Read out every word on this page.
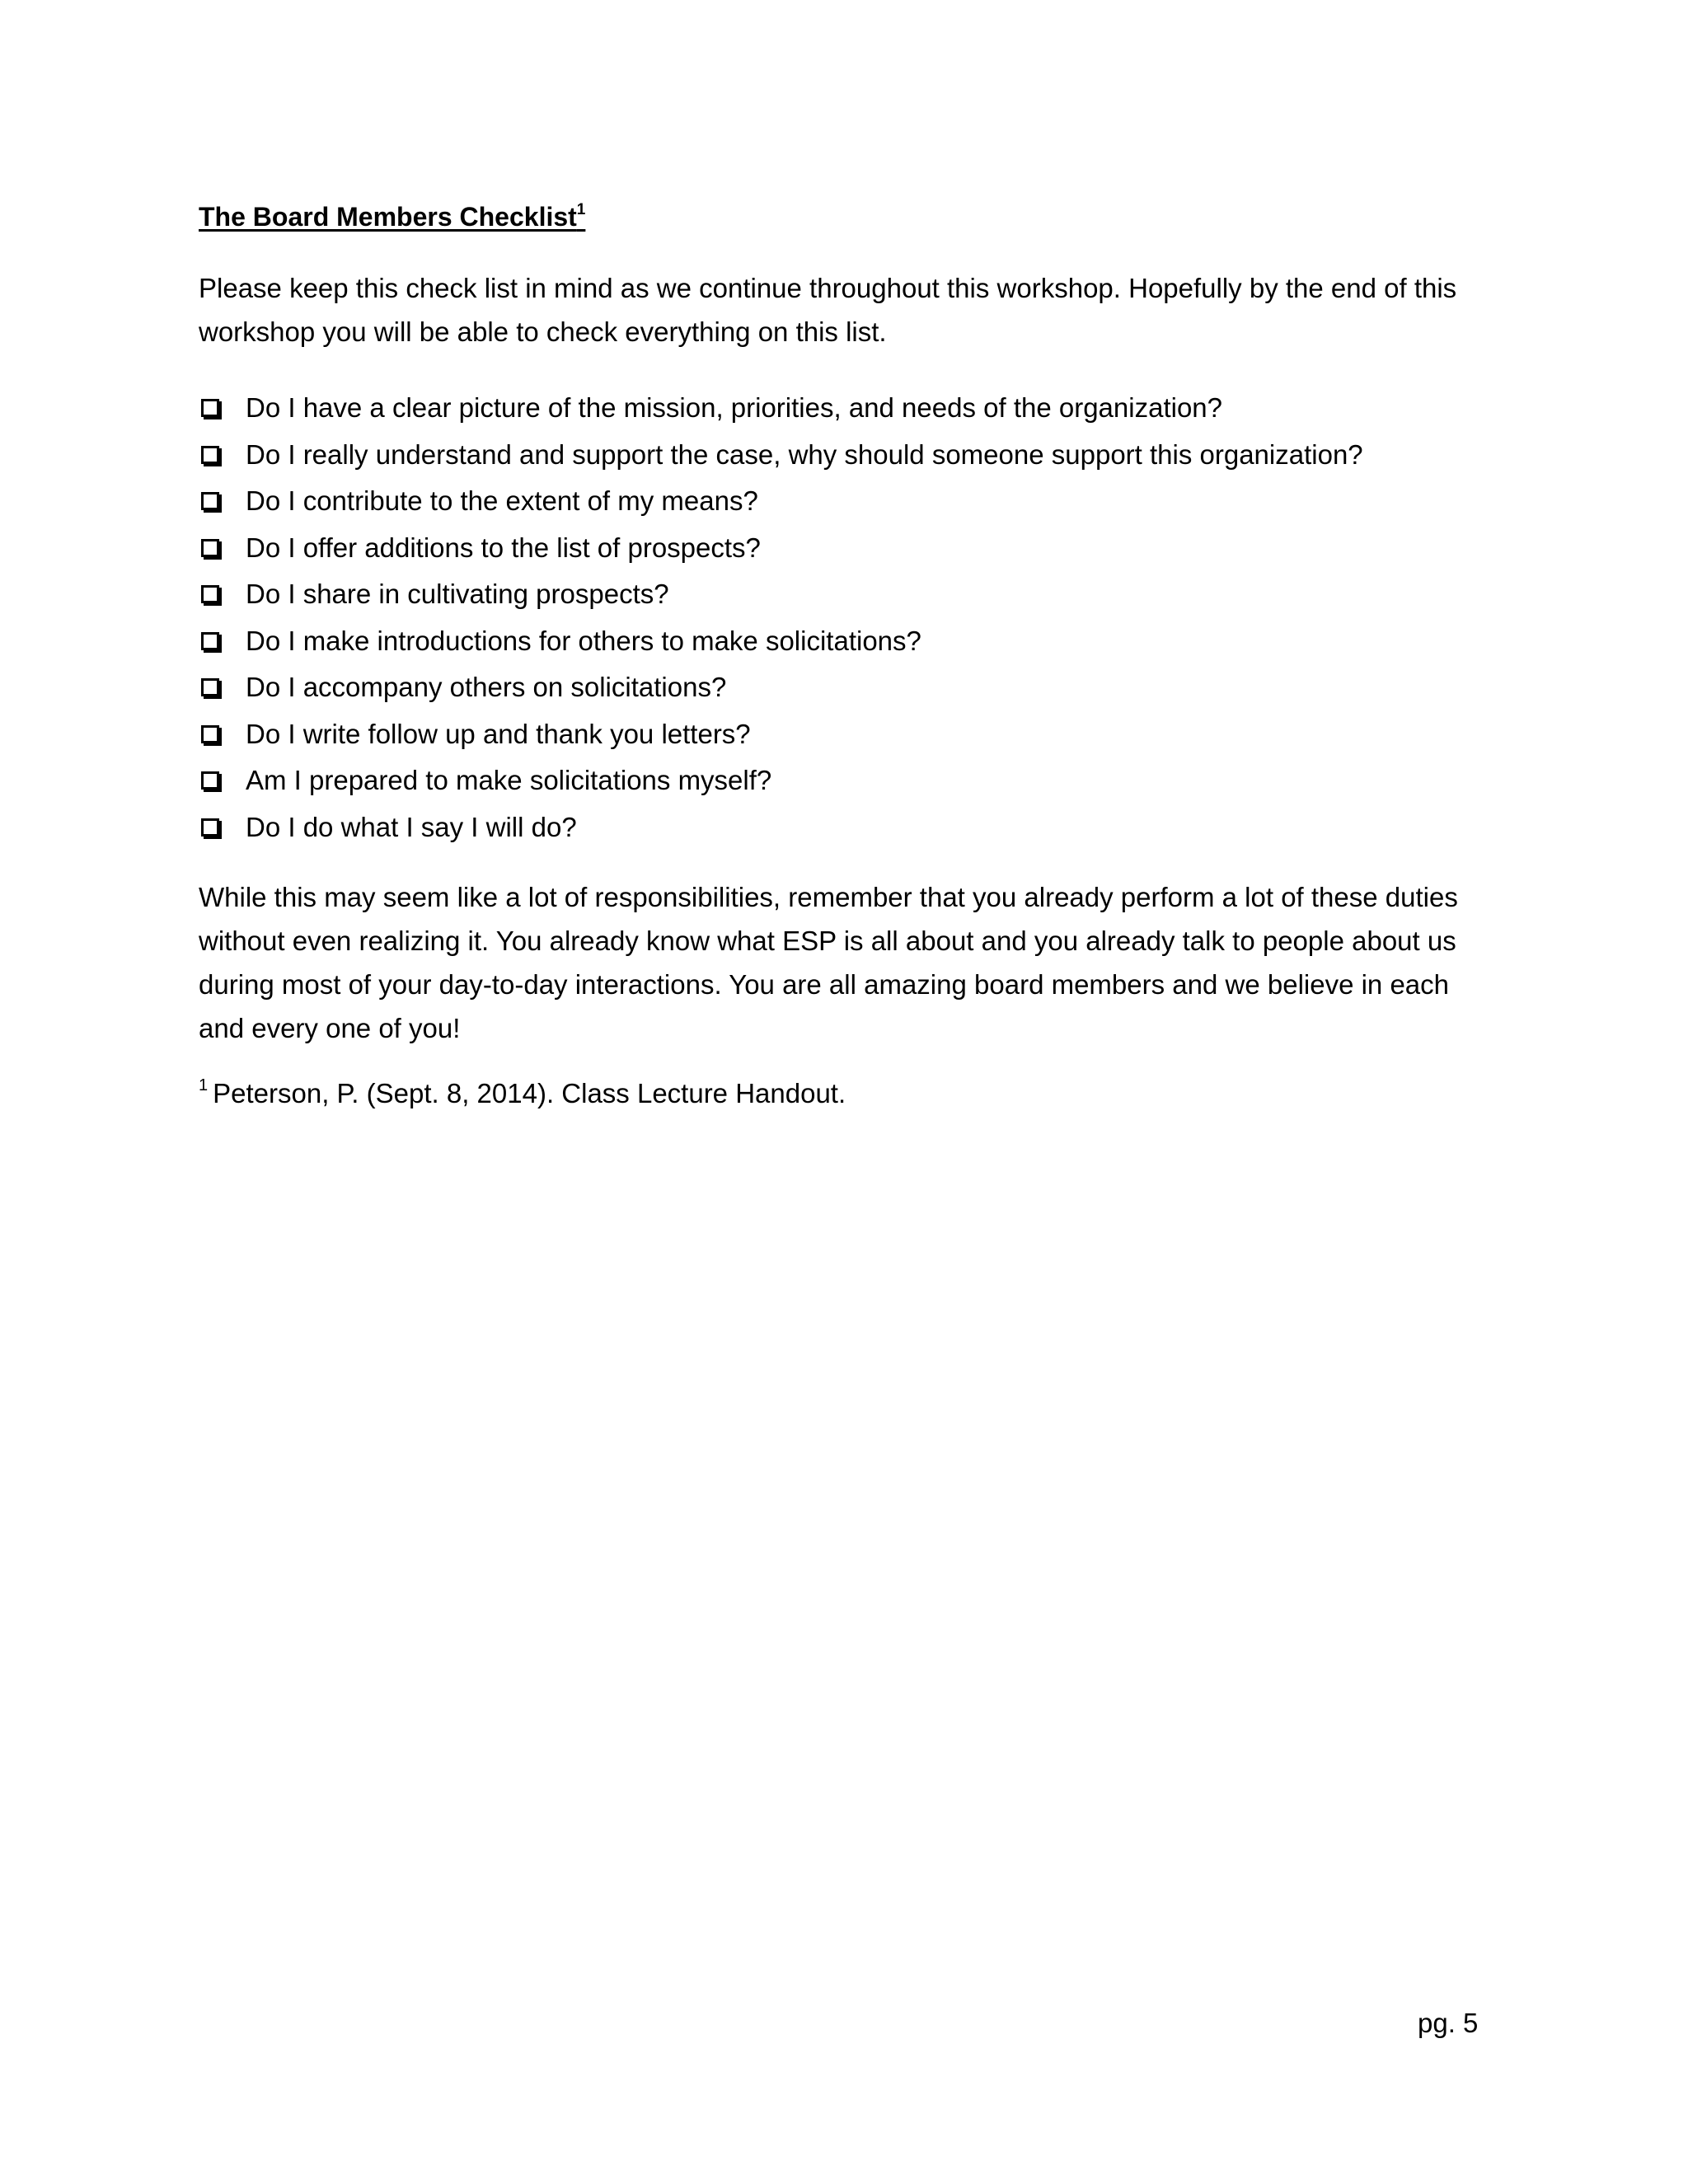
The Board Members Checklist$^1$

Please keep this check list in mind as we continue throughout this workshop. Hopefully by the end of this workshop you will be able to check everything on this list.

Do I have a clear picture of the mission, priorities, and needs of the organization?
Do I really understand and support the case, why should someone support this organization?
Do I contribute to the extent of my means?
Do I offer additions to the list of prospects?
Do I share in cultivating prospects?
Do I make introductions for others to make solicitations?
Do I accompany others on solicitations?
Do I write follow up and thank you letters?
Am I prepared to make solicitations myself?
Do I do what I say I will do?

While this may seem like a lot of responsibilities, remember that you already perform a lot of these duties without even realizing it. You already know what ESP is all about and you already talk to people about us during most of your day-to-day interactions. You are all amazing board members and we believe in each and every one of you!

$^1$ Peterson, P. (Sept. 8, 2014). Class Lecture Handout.

pg. 5
